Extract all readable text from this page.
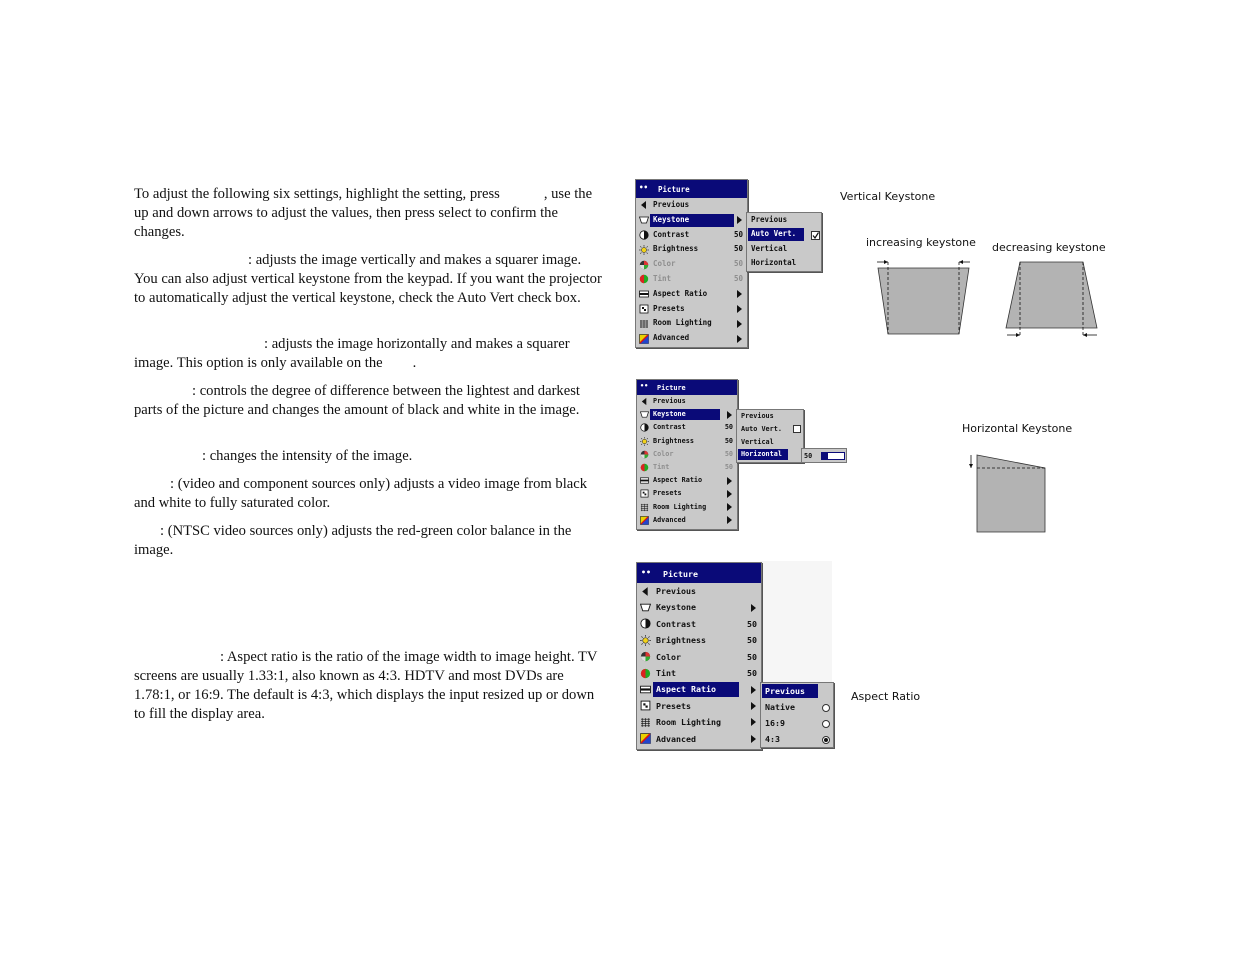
To adjust the following six settings, highlight the setting, press	, use the up and down arrows to adjust the values, then press select to confirm the changes.

: adjusts the image vertically and makes a squarer image. You can also adjust vertical keystone from the keypad. If you want the projector to automatically adjust the vertical keystone, check the Auto Vert check box.

: adjusts the image horizontally and makes a squarer image. This option is only available on the .

: controls the degree of difference between the lightest and darkest parts of the picture and changes the amount of black and white in the image.

: changes the intensity of the image.

: (video and component sources only) adjusts a video image from black and white to fully saturated color.

: (NTSC video sources only) adjusts the red-green color balance in the image.

: Aspect ratio is the ratio of the image width to image height. TV screens are usually 1.33:1, also known as 4:3. HDTV and most DVDs are 1.78:1, or 16:9. The default is 4:3, which displays the input resized up or down to fill the display area.

•• Picture
Previous
Keystone
Contrast	50
Brightness	50
Color	50
Tint	50
Aspect Ratio
Presets
Room Lighting
Advanced
Previous
Auto Vert.
Vertical
Horizontal
•• Picture
Previous
Keystone
Contrast	50
Brightness	50
Color	50
Tint	50
Aspect Ratio
Presets
Room Lighting
Advanced
Previous
Auto Vert.
Vertical
Horizontal	50
•• Picture
Previous
Keystone
Contrast	50
Brightness	50
Color	50
Tint	50
Aspect Ratio
Presets
Room Lighting
Advanced
Previous
Native
16:9
4:3
Vertical Keystone
increasing keystone decreasing keystone
Horizontal Keystone
Aspect Ratio
